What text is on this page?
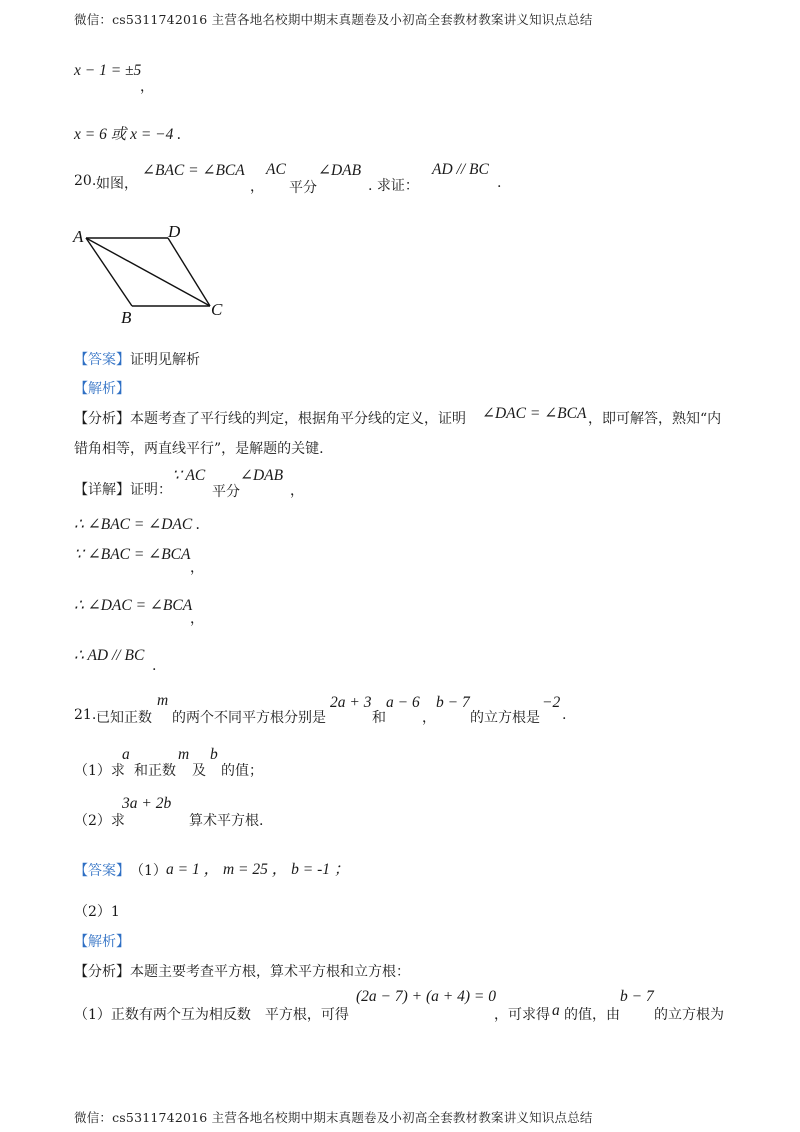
微信：cs5311742016 主营各地名校期中期末真题卷及小初高全套教材教案讲义知识点总结
x − 1 = ±5
，
x = 6 或 x = −4 .
20. 如图，
∠BAC = ∠BCA
，
AC
平分
∠DAB
. 求证：
AD // BC
.
A	D
B	C
【答案】 证明见解析
【解析】
【分析】 本题考查了平行线的判定，根据角平分线的定义，证明 ∠DAC = ∠BCA ，即可解答，熟知“内
错角相等，两直线平行”，是解题的关键.
【详解】 证明：
∵ AC
平分
∠DAB
，
∴ ∠BAC = ∠DAC .
∵ ∠BAC = ∠BCA
，
∴ ∠DAC = ∠BCA
，
∴ AD // BC
.
21. 已知正数
m
的两个不同平方根分别是
2a + 3
和
a − 6
，
b − 7
的立方根是
−2
.
（1）求
a
和正数
m
及
b
的值；
（2）求
3a + 2b
算术平方根.
【答案】 （1） a = 1 ， m = 25 ， b = -1 ；
（2）1
【解析】
【分析】 本题主要考查平方根，算术平方根和立方根：
（1）正数有两个互为相反数　平方根，可得
(2a − 7) + (a + 4) = 0
，可求得 a 的值，由
b − 7
的立方根为
微信：cs5311742016 主营各地名校期中期末真题卷及小初高全套教材教案讲义知识点总结
